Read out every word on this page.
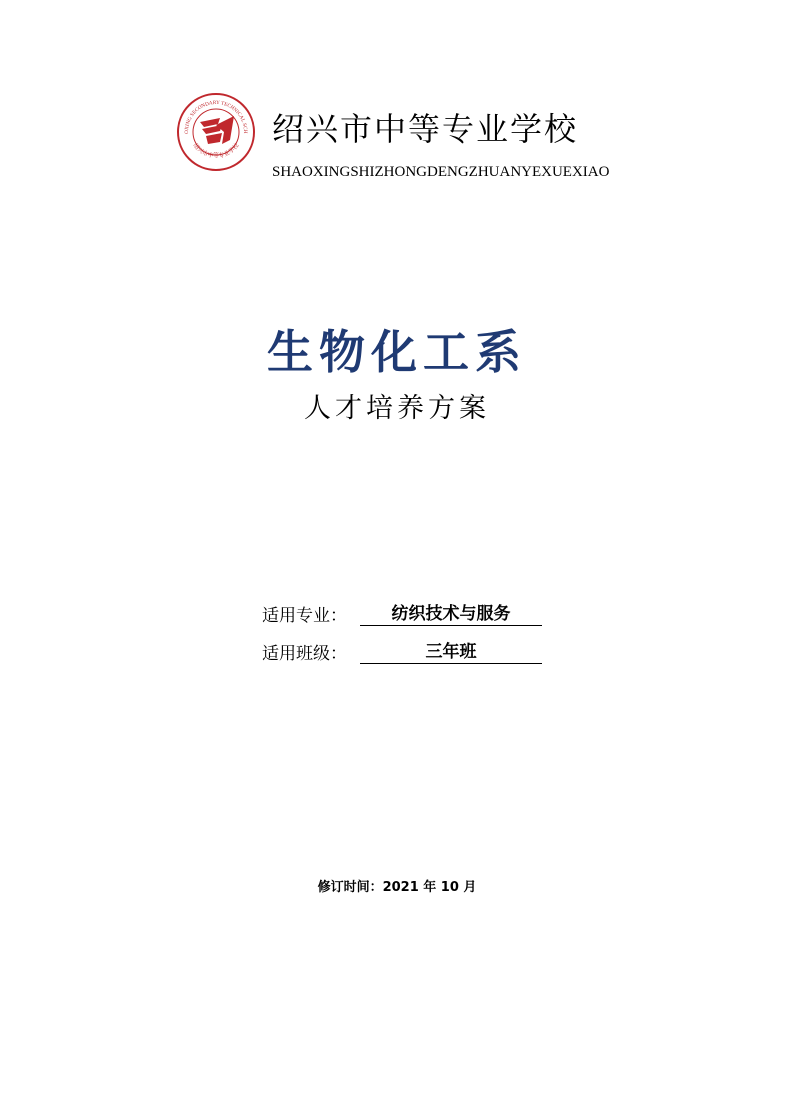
OXING SECONDARY TECHNICAL SCH
绍兴市中等专业学校 绍兴市中等专业学校
SHAOXINGSHIZHONGDENGZHUANYEXUEXIAO
生物化工系
人才培养方案
适用专业：	纺织技术与服务
适用班级：	三年班
修订时间：2021 年 10 月
